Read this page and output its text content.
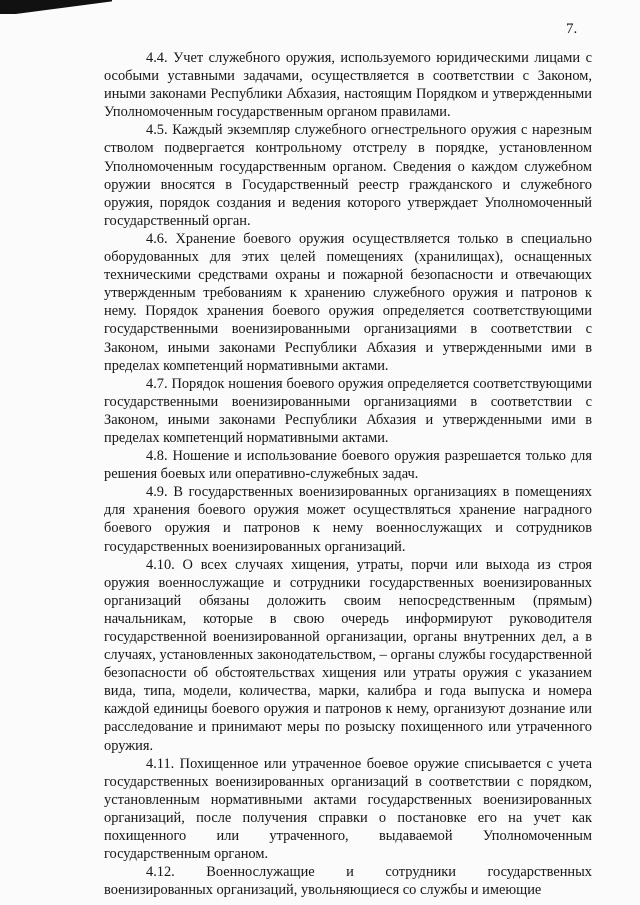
7.

4.4. Учет служебного оружия, используемого юридическими лицами с особыми уставными задачами, осуществляется в соответствии с Законом, иными законами Республики Абхазия, настоящим Порядком и утвержденными Уполномоченным государственным органом правилами.

4.5. Каждый экземпляр служебного огнестрельного оружия с нарезным стволом подвергается контрольному отстрелу в порядке, установленном Уполномоченным государственным органом. Сведения о каждом служебном оружии вносятся в Государственный реестр гражданского и служебного оружия, порядок создания и ведения которого утверждает Уполномоченный государственный орган.

4.6. Хранение боевого оружия осуществляется только в специально оборудованных для этих целей помещениях (хранилищах), оснащенных техническими средствами охраны и пожарной безопасности и отвечающих утвержденным требованиям к хранению служебного оружия и патронов к нему. Порядок хранения боевого оружия определяется соответствующими государственными военизированными организациями в соответствии с Законом, иными законами Республики Абхазия и утвержденными ими в пределах компетенций нормативными актами.

4.7. Порядок ношения боевого оружия определяется соответствующими государственными военизированными организациями в соответствии с Законом, иными законами Республики Абхазия и утвержденными ими в пределах компетенций нормативными актами.

4.8. Ношение и использование боевого оружия разрешается только для решения боевых или оперативно-служебных задач.

4.9. В государственных военизированных организациях в помещениях для хранения боевого оружия может осуществляться хранение наградного боевого оружия и патронов к нему военнослужащих и сотрудников государственных военизированных организаций.

4.10. О всех случаях хищения, утраты, порчи или выхода из строя оружия военнослужащие и сотрудники государственных военизированных организаций обязаны доложить своим непосредственным (прямым) начальникам, которые в свою очередь информируют руководителя государственной военизированной организации, органы внутренних дел, а в случаях, установленных законодательством, – органы службы государственной безопасности об обстоятельствах хищения или утраты оружия с указанием вида, типа, модели, количества, марки, калибра и года выпуска и номера каждой единицы боевого оружия и патронов к нему, организуют дознание или расследование и принимают меры по розыску похищенного или утраченного оружия.

4.11. Похищенное или утраченное боевое оружие списывается с учета государственных военизированных организаций в соответствии с порядком, установленным нормативными актами государственных военизированных организаций, после получения справки о постановке его на учет как похищенного или утраченного, выдаваемой Уполномоченным государственным органом.

4.12. Военнослужащие и сотрудники государственных военизированных организаций, увольняющиеся со службы и имеющие
